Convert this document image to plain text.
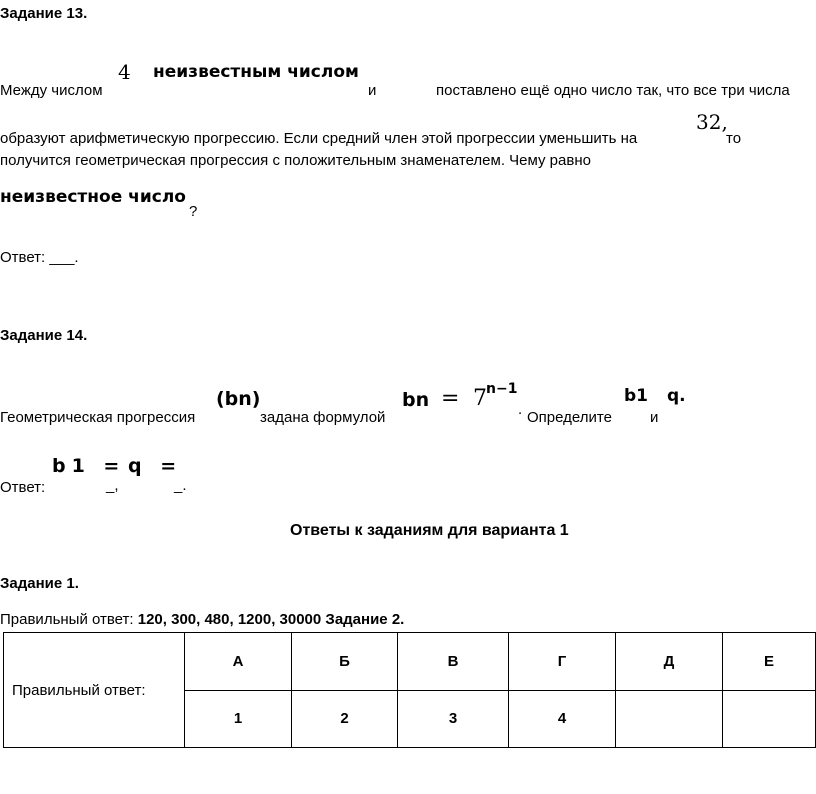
Задание 13.
Между числом
4 неизвестным числом
и	поставлено ещё одно число так, что все три числа
образуют арифметическую прогрессию. Если средний член этой прогрессии уменьшить на
32,
то
получится геометрическая прогрессия с положительным знаменателем. Чему равно
неизвестное число
?
Ответ: ___.
Задание 14.
Геометрическая прогрессия
(bn)
задана формулой
bn = 7 n−1
. Определите
b1
и
q.
Ответ:
b1 = q =
_,	_.
Ответы к заданиям для варианта 1
Задание 1.
Правильный ответ: 120, 300, 480, 1200, 30000 Задание 2.
Правильный ответ:	А	Б	В	Г	Д	Е
	1	2	3	4		
